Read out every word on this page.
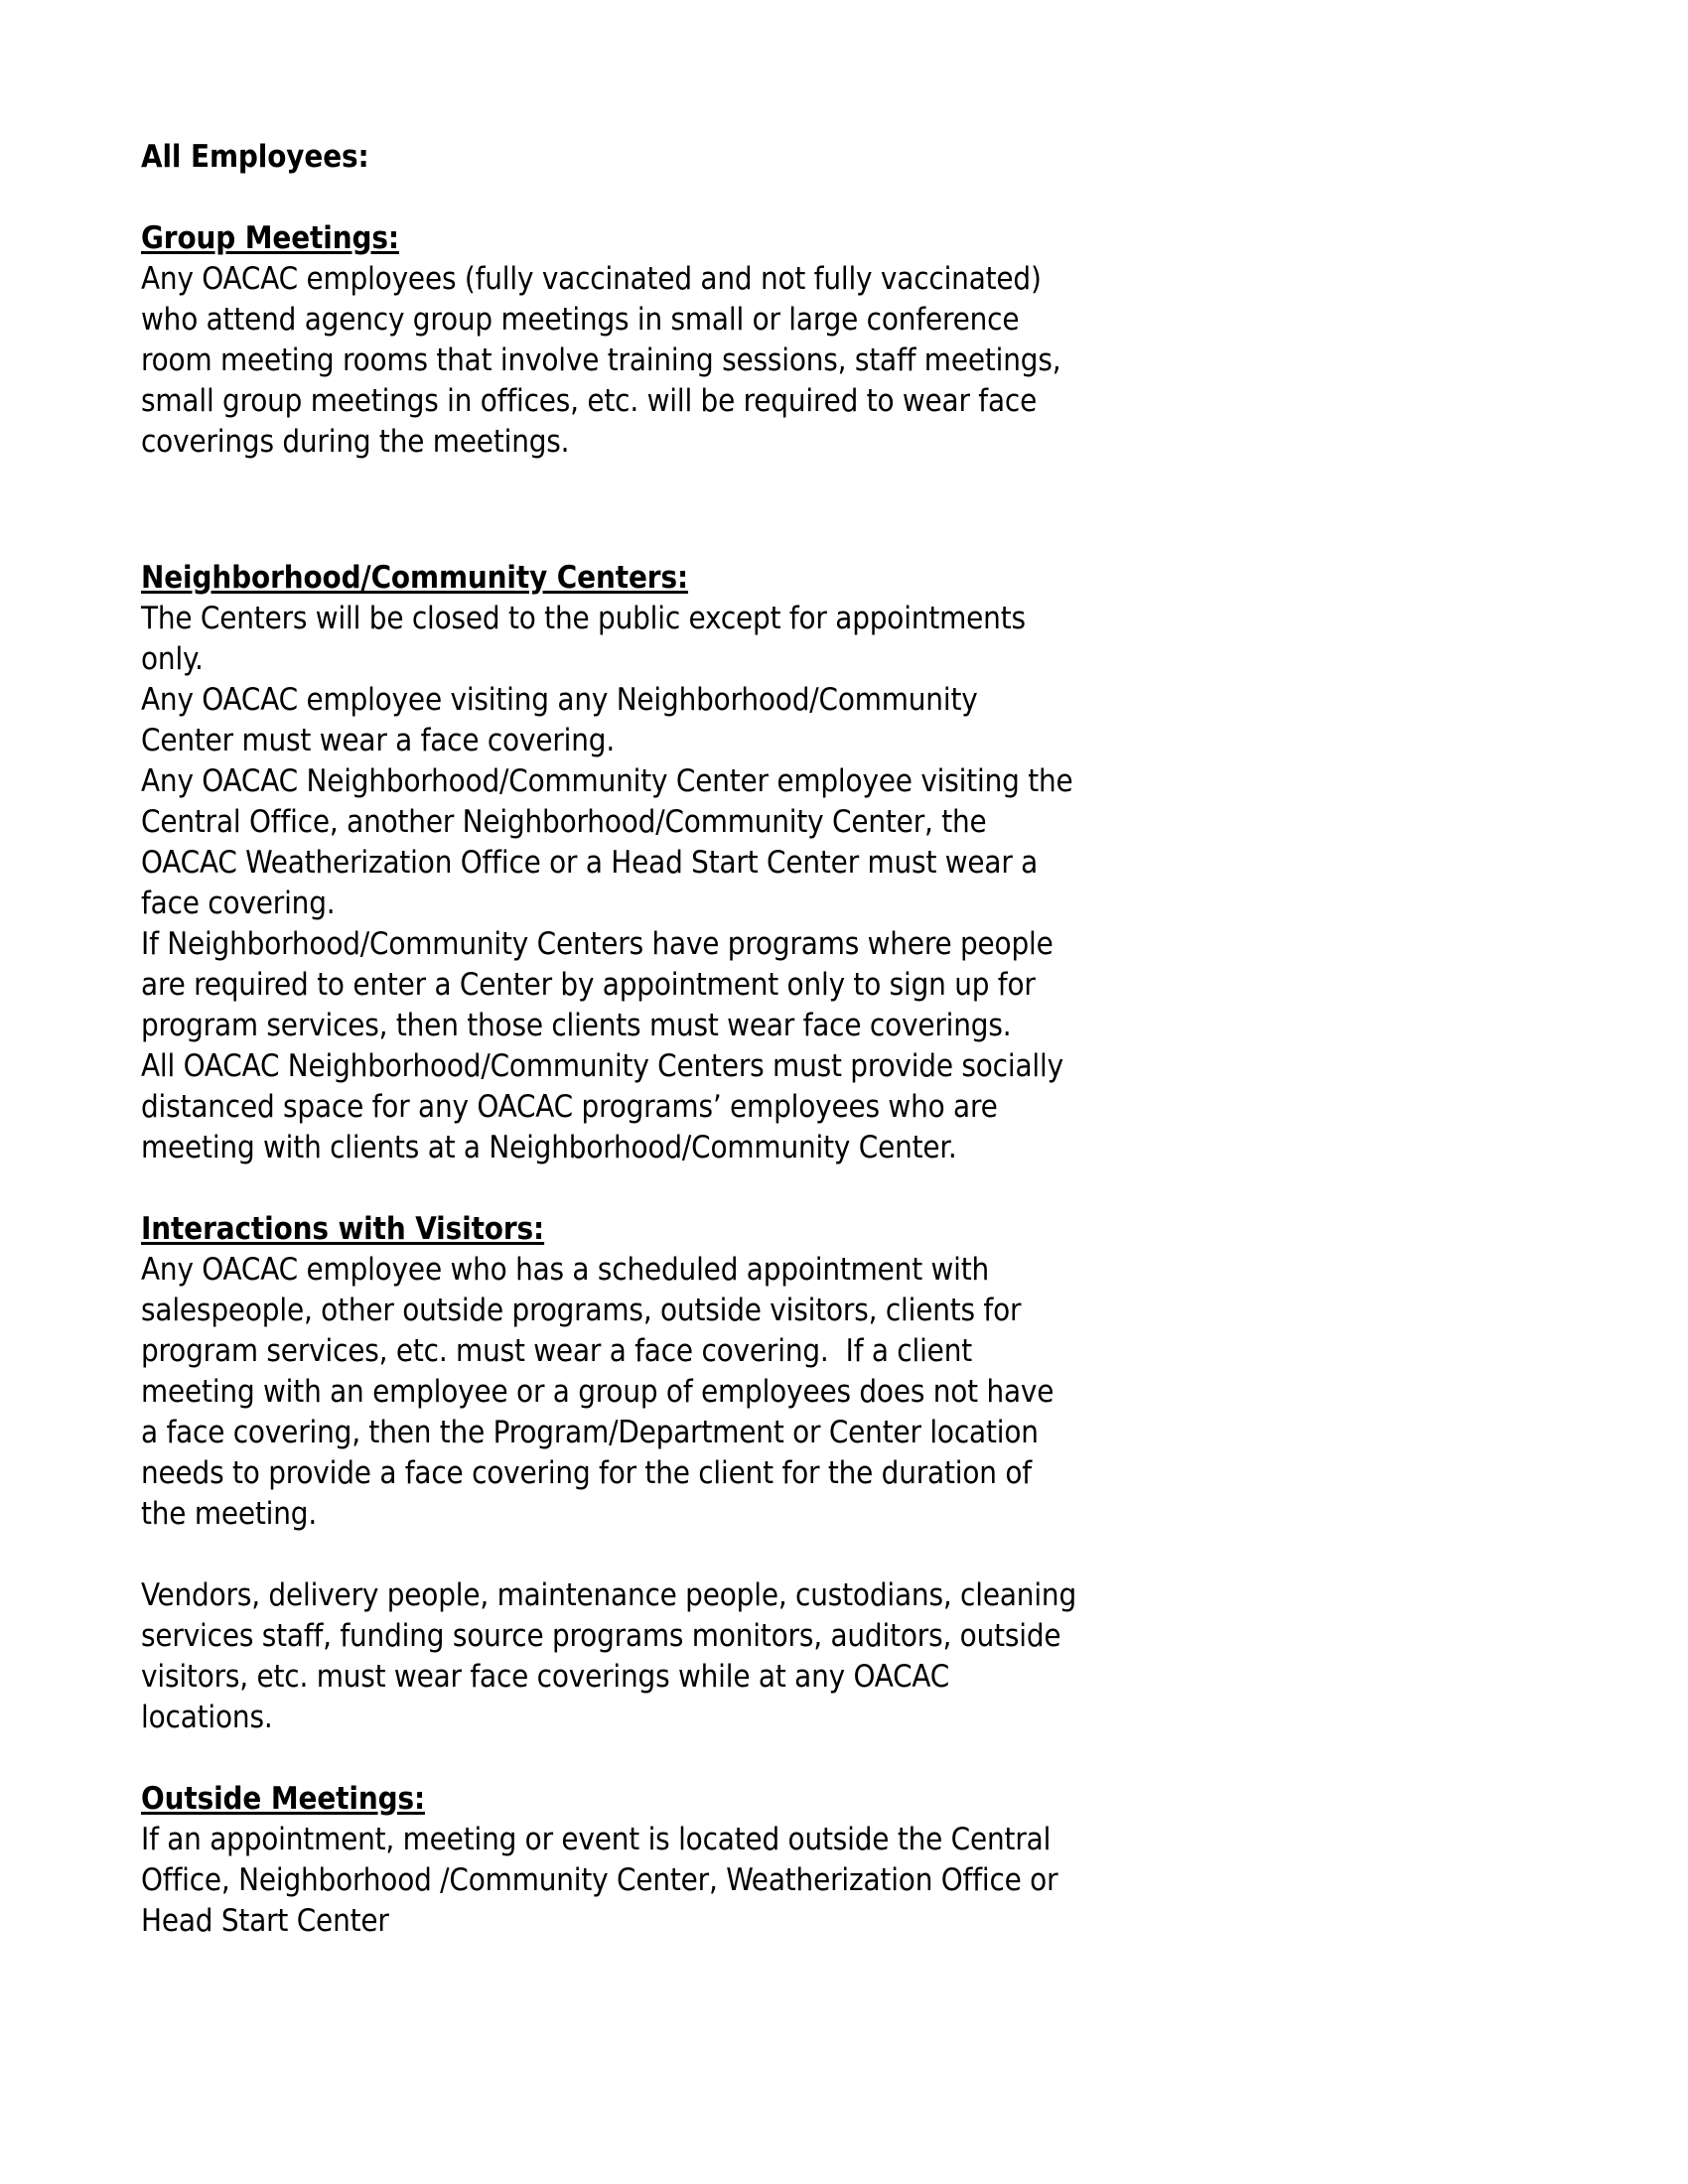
All Employees:
Group Meetings:

Any OACAC employees (fully vaccinated and not fully vaccinated) who attend agency group meetings in small or large conference room meeting rooms that involve training sessions, staff meetings, small group meetings in offices, etc. will be required to wear face coverings during the meetings.

Neighborhood/Community Centers:

The Centers will be closed to the public except for appointments only.

Any OACAC employee visiting any Neighborhood/Community Center must wear a face covering.

Any OACAC Neighborhood/Community Center employee visiting the Central Office, another Neighborhood/Community Center, the OACAC Weatherization Office or a Head Start Center must wear a face covering.

If Neighborhood/Community Centers have programs where people are required to enter a Center by appointment only to sign up for program services, then those clients must wear face coverings.

All OACAC Neighborhood/Community Centers must provide socially distanced space for any OACAC programs’ employees who are meeting with clients at a Neighborhood/Community Center.

Interactions with Visitors:

Any OACAC employee who has a scheduled appointment with salespeople, other outside programs, outside visitors, clients for program services, etc. must wear a face covering.  If a client meeting with an employee or a group of employees does not have a face covering, then the Program/Department or Center location needs to provide a face covering for the client for the duration of the meeting.

Vendors, delivery people, maintenance people, custodians, cleaning services staff, funding source programs monitors, auditors, outside visitors, etc. must wear face coverings while at any OACAC locations.

Outside Meetings:

If an appointment, meeting or event is located outside the Central Office, Neighborhood /Community Center, Weatherization Office or Head Start Center
